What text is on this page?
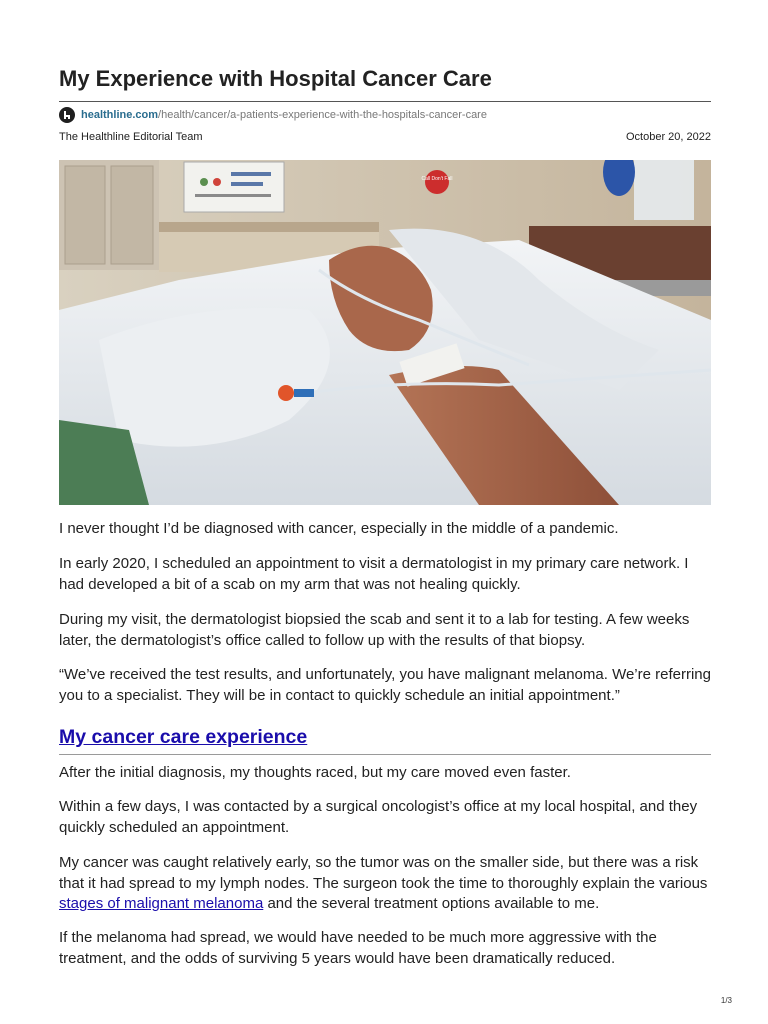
My Experience with Hospital Cancer Care
healthline.com /health/cancer/a-patients-experience-with-the-hospitals-cancer-care
The Healthline Editorial Team	October 20, 2022
Call Don't Fall

I never thought I’d be diagnosed with cancer, especially in the middle of a pandemic.

In early 2020, I scheduled an appointment to visit a dermatologist in my primary care network. I had developed a bit of a scab on my arm that was not healing quickly.

During my visit, the dermatologist biopsied the scab and sent it to a lab for testing. A few weeks later, the dermatologist’s office called to follow up with the results of that biopsy.

“We’ve received the test results, and unfortunately, you have malignant melanoma. We’re referring you to a specialist. They will be in contact to quickly schedule an initial appointment.”

My cancer care experience

After the initial diagnosis, my thoughts raced, but my care moved even faster.

Within a few days, I was contacted by a surgical oncologist’s office at my local hospital, and they quickly scheduled an appointment.

My cancer was caught relatively early, so the tumor was on the smaller side, but there was a risk that it had spread to my lymph nodes. The surgeon took the time to thoroughly explain the various stages of malignant melanoma and the several treatment options available to me.

If the melanoma had spread, we would have needed to be much more aggressive with the treatment, and the odds of surviving 5 years would have been dramatically reduced.

1/3
